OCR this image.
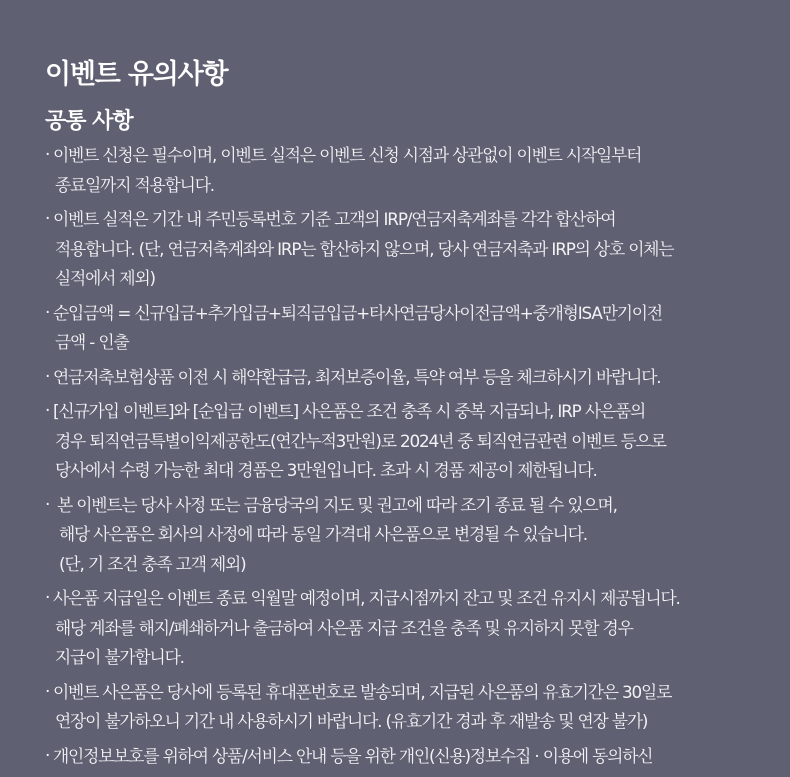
이벤트 유의사항
공통 사항
· 이벤트 신청은 필수이며, 이벤트 실적은 이벤트 신청 시점과 상관없이 이벤트 시작일부터
종료일까지 적용합니다.
· 이벤트 실적은 기간 내 주민등록번호 기준 고객의 IRP/연금저축계좌를 각각 합산하여
적용합니다. (단, 연금저축계좌와 IRP는 합산하지 않으며, 당사 연금저축과 IRP의 상호 이체는
실적에서 제외)
· 순입금액 = 신규입금+추가입금+퇴직금입금+타사연금당사이전금액+중개형ISA만기이전
금액 - 인출
· 연금저축보험상품 이전 시 해약환급금, 최저보증이율, 특약 여부 등을 체크하시기 바랍니다.
· [신규가입 이벤트]와 [순입금 이벤트] 사은품은 조건 충족 시 중복 지급되나, IRP 사은품의
경우 퇴직연금특별이익제공한도(연간누적3만원)로 2024년 중 퇴직연금관련 이벤트 등으로
당사에서 수령 가능한 최대 경품은 3만원입니다. 초과 시 경품 제공이 제한됩니다.
· 본 이벤트는 당사 사정 또는 금융당국의 지도 및 권고에 따라 조기 종료 될 수 있으며,
해당 사은품은 회사의 사정에 따라 동일 가격대 사은품으로 변경될 수 있습니다.
(단, 기 조건 충족 고객 제외)
· 사은품 지급일은 이벤트 종료 익월말 예정이며, 지급시점까지 잔고 및 조건 유지시 제공됩니다.
해당 계좌를 해지/폐쇄하거나 출금하여 사은품 지급 조건을 충족 및 유지하지 못할 경우
지급이 불가합니다.
· 이벤트 사은품은 당사에 등록된 휴대폰번호로 발송되며, 지급된 사은품의 유효기간은 30일로
연장이 불가하오니 기간 내 사용하시기 바랍니다. (유효기간 경과 후 재발송 및 연장 불가)
· 개인정보보호를 위하여 상품/서비스 안내 등을 위한 개인(신용)정보수집 · 이용에 동의하신
